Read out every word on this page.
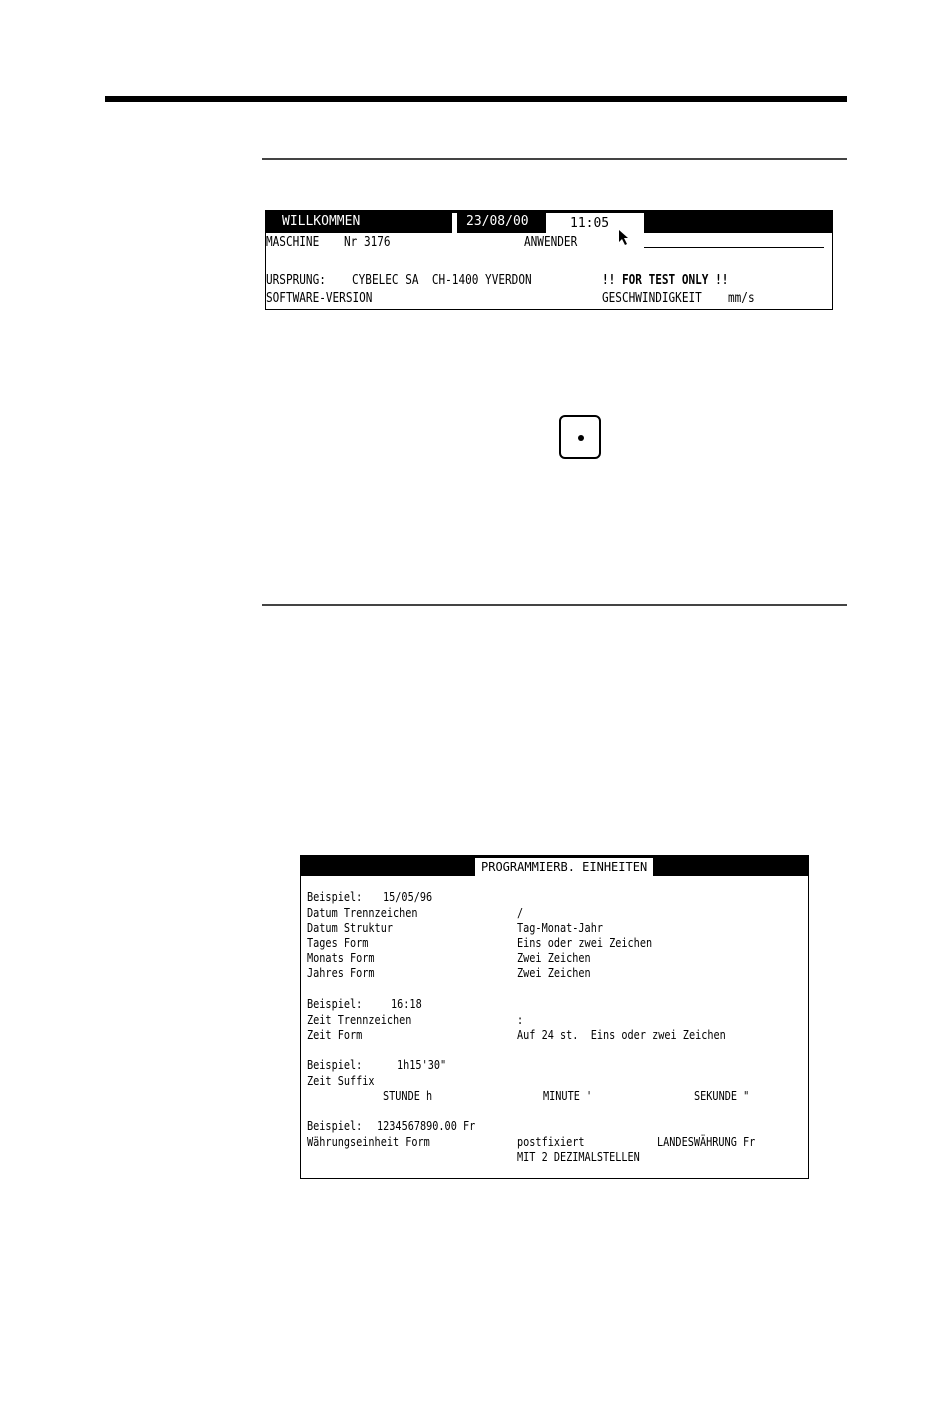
WILLKOMMEN	23/08/00	11:05
MASCHINE Nr 3176	ANWENDER
URSPRUNG: CYBELEC SA  CH-1400 YVERDON	!! FOR TEST ONLY !!
SOFTWARE-VERSION	GESCHWINDIGKEIT mm/s
PROGRAMMIERB. EINHEITEN
Beispiel: 15/05/96
Datum Trennzeichen	/
Datum Struktur	Tag-Monat-Jahr
Tages Form	Eins oder zwei Zeichen
Monats Form	Zwei Zeichen
Jahres Form	Zwei Zeichen
Beispiel: 16:18
Zeit Trennzeichen	:
Zeit Form	Auf 24 st.  Eins oder zwei Zeichen
Beispiel:	1h15'30"
Zeit Suffix
STUNDE h	MINUTE '	SEKUNDE "
Beispiel: 1234567890.00 Fr
Währungseinheit Form	postfixiert	LANDESWÄHRUNG Fr
MIT 2 DEZIMALSTELLEN
